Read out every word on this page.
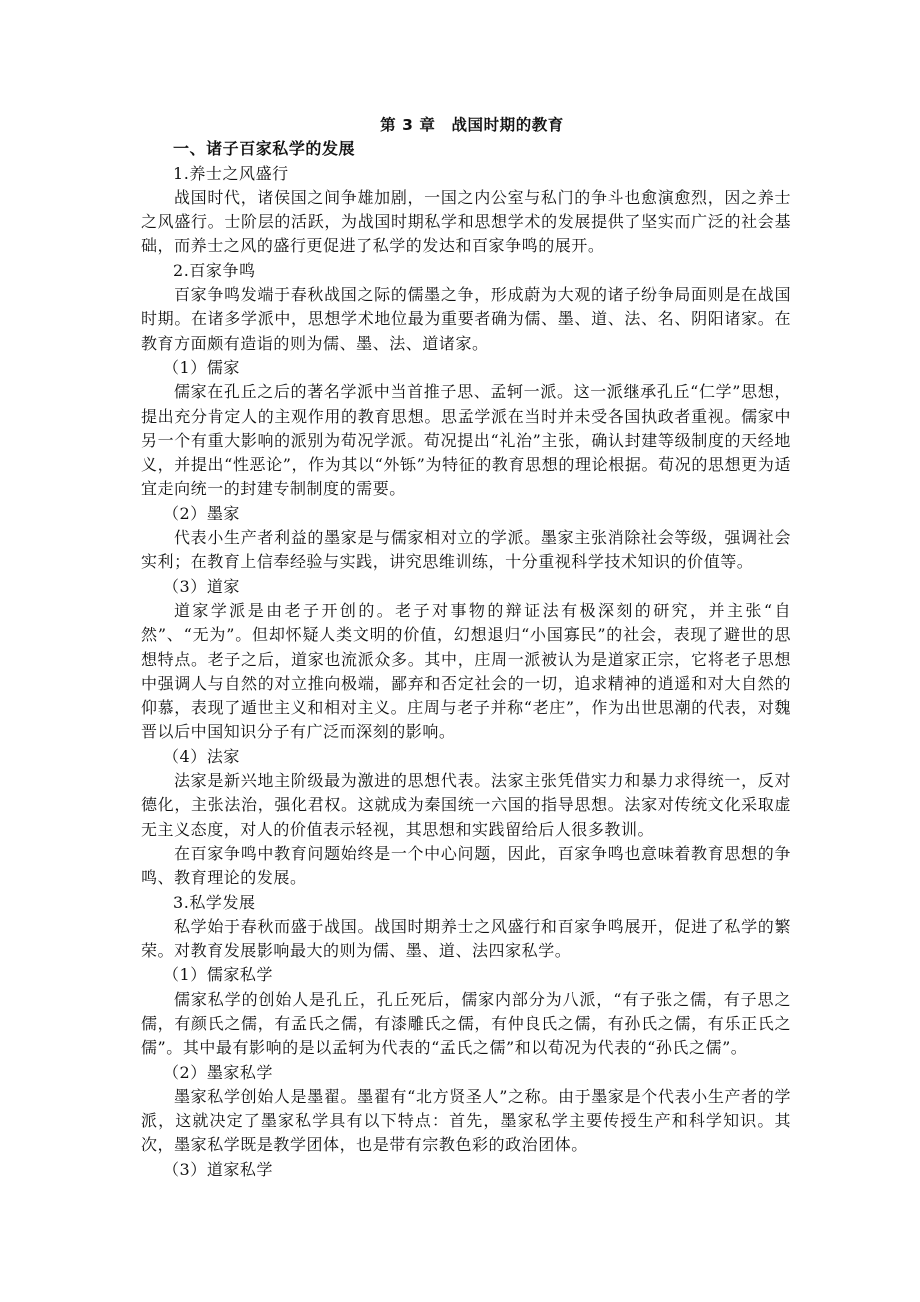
第 3 章　战国时期的教育

一、诸子百家私学的发展

1.养士之风盛行

战国时代，诸侯国之间争雄加剧，一国之内公室与私门的争斗也愈演愈烈，因之养士之风盛行。士阶层的活跃，为战国时期私学和思想学术的发展提供了坚实而广泛的社会基础，而养士之风的盛行更促进了私学的发达和百家争鸣的展开。

2.百家争鸣

百家争鸣发端于春秋战国之际的儒墨之争，形成蔚为大观的诸子纷争局面则是在战国时期。在诸多学派中，思想学术地位最为重要者确为儒、墨、道、法、名、阴阳诸家。在教育方面颇有造诣的则为儒、墨、法、道诸家。

（1）儒家

儒家在孔丘之后的著名学派中当首推子思、孟轲一派。这一派继承孔丘“仁学”思想，提出充分肯定人的主观作用的教育思想。思孟学派在当时并未受各国执政者重视。儒家中另一个有重大影响的派别为荀况学派。荀况提出“礼治”主张，确认封建等级制度的天经地义，并提出“性恶论”，作为其以“外铄”为特征的教育思想的理论根据。荀况的思想更为适宜走向统一的封建专制制度的需要。

（2）墨家

代表小生产者利益的墨家是与儒家相对立的学派。墨家主张消除社会等级，强调社会实利；在教育上信奉经验与实践，讲究思维训练，十分重视科学技术知识的价值等。

（3）道家

道家学派是由老子开创的。老子对事物的辩证法有极深刻的研究，并主张“自然”、“无为”。但却怀疑人类文明的价值，幻想退归“小国寡民”的社会，表现了避世的思想特点。老子之后，道家也流派众多。其中，庄周一派被认为是道家正宗，它将老子思想中强调人与自然的对立推向极端，鄙弃和否定社会的一切，追求精神的逍遥和对大自然的仰慕，表现了遁世主义和相对主义。庄周与老子并称“老庄”，作为出世思潮的代表，对魏晋以后中国知识分子有广泛而深刻的影响。

（4）法家

法家是新兴地主阶级最为激进的思想代表。法家主张凭借实力和暴力求得统一，反对德化，主张法治，强化君权。这就成为秦国统一六国的指导思想。法家对传统文化采取虚无主义态度，对人的价值表示轻视，其思想和实践留给后人很多教训。

在百家争鸣中教育问题始终是一个中心问题，因此，百家争鸣也意味着教育思想的争鸣、教育理论的发展。

3.私学发展

私学始于春秋而盛于战国。战国时期养士之风盛行和百家争鸣展开，促进了私学的繁荣。对教育发展影响最大的则为儒、墨、道、法四家私学。

（1）儒家私学

儒家私学的创始人是孔丘，孔丘死后，儒家内部分为八派，“有子张之儒，有子思之儒，有颜氏之儒，有孟氏之儒，有漆雕氏之儒，有仲良氏之儒，有孙氏之儒，有乐正氏之儒”。其中最有影响的是以孟轲为代表的“孟氏之儒”和以荀况为代表的“孙氏之儒”。

（2）墨家私学

墨家私学创始人是墨翟。墨翟有“北方贤圣人”之称。由于墨家是个代表小生产者的学派，这就决定了墨家私学具有以下特点：首先，墨家私学主要传授生产和科学知识。其次，墨家私学既是教学团体，也是带有宗教色彩的政治团体。

（3）道家私学
